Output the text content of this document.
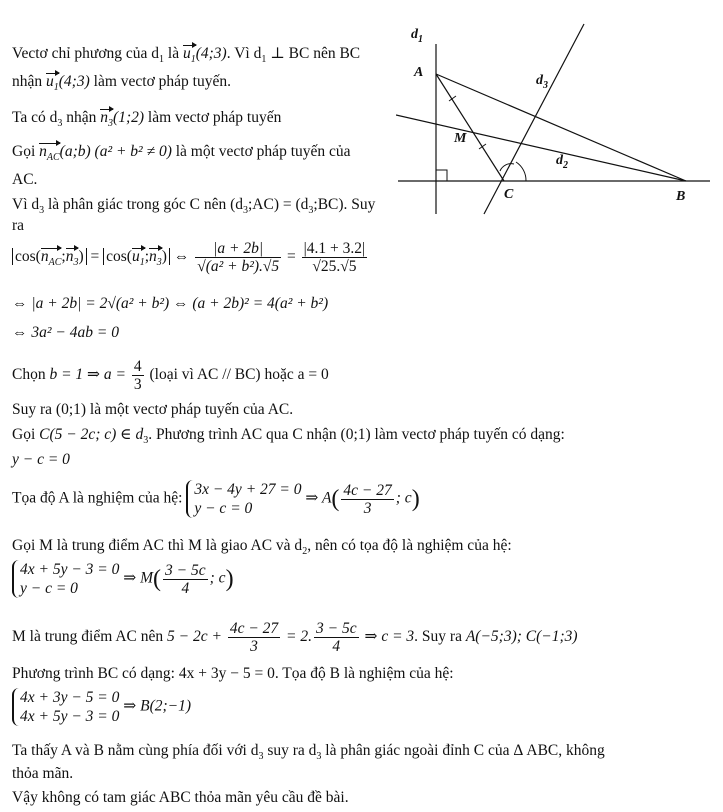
$d_1$
A
$d_3$
M
$d_2$
C	B
Vectơ chỉ phương của $d_1$ là $u_1(4;3)$. Vì $d_1$ ⊥ BC nên BC
nhận $u_1(4;3)$ làm vectơ pháp tuyến.
Ta có $d_3$ nhận $n_3(1;2)$ làm vectơ pháp tuyến
Gọi $n_{AC}(a;b) (a^2 + b^2 \ne 0)$ là một vectơ pháp tuyến của
AC.
Vì $d_3$ là phân giác trong góc C nên $(d_3;AC)$ = $(d_3;BC)$. Suy
ra
$\cos(n_{AC};n_3)$ = $\cos(u_1;n_3)$ ⇔ $\frac{|a + 2b|}{\text{√(a² + b²).√5}} = \frac{|4.1 + 3.2|}{√25.√5}$
⇔ |a + 2b| = 2√(a² + b²) ⇔ (a + 2b)² = 4(a² + b²)
⇔ 3a² − 4ab = 0
Chọn b = 1 ⇒ $a = \frac{4}{3}$ (loại vì AC // BC) hoặc a = 0
Suy ra (0;1) là một vectơ pháp tuyến của AC.
Gọi C(5 − 2c; c) ∈ $d_3$. Phương trình AC qua C nhận (0;1) làm vectơ pháp tuyến có dạng:
y − c = 0
Tọa độ A là nghiệm của hệ:
3x − 4y + 27 = 0
y − c = 0
⇒ $A( \frac{4c - 27}{3}$ ; c)
Gọi M là trung điểm AC thì M là giao AC và $d_2$, nên có tọa độ là nghiệm của hệ:
4x + 5y − 3 = 0
y − c = 0
⇒ $M( \frac{3 - 5c}{4}$ ; c)
M là trung điểm AC nên $5 - 2c + \frac{4c - 27}{3} = 2$. $\frac{3 - 5c}{4}$ ⇒ c = 3. Suy ra A(−5;3); C(−1;3)
Phương trình BC có dạng: 4x + 3y − 5 = 0. Tọa độ B là nghiệm của hệ:
4x + 3y − 5 = 0
4x + 5y − 3 = 0
⇒ B(2;−1)
Ta thấy A và B nằm cùng phía đối với $d_3$ suy ra $d_3$ là phân giác ngoài đỉnh C của Δ ABC, không
thỏa mãn.
Vậy không có tam giác ABC thỏa mãn yêu cầu đề bài.
